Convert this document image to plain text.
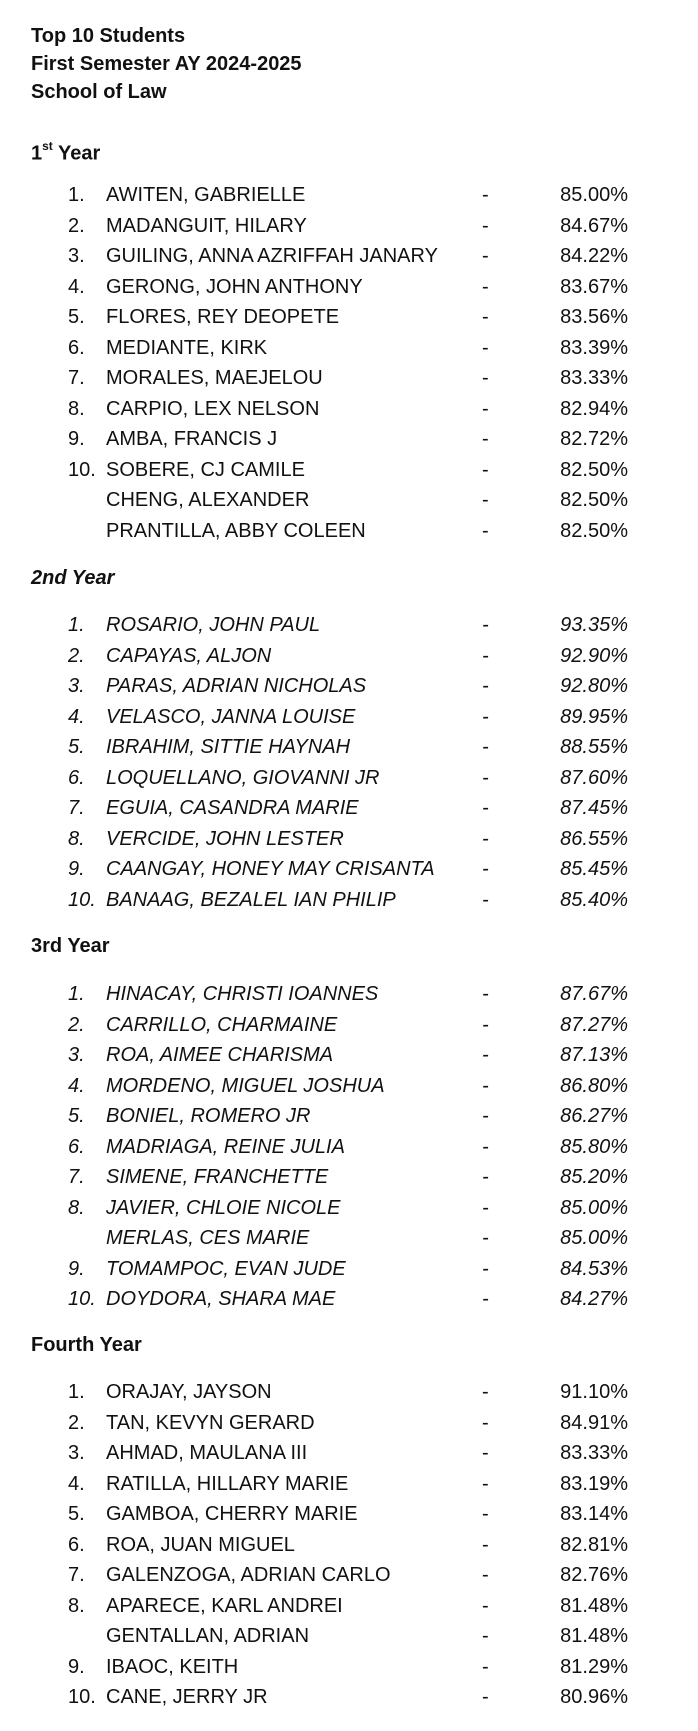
Top 10 Students
First Semester AY 2024-2025
School of Law
1st Year
1. AWITEN, GABRIELLE	-	85.00%
2. MADANGUIT, HILARY	-	84.67%
3. GUILING, ANNA AZRIFFAH JANARY -	84.22%
4. GERONG, JOHN ANTHONY	-	83.67%
5. FLORES, REY DEOPETE	-	83.56%
6. MEDIANTE, KIRK	-	83.39%
7. MORALES, MAEJELOU	-	83.33%
8. CARPIO, LEX NELSON	-	82.94%
9. AMBA, FRANCIS J	-	82.72%
10. SOBERE, CJ CAMILE	-	82.50%
CHENG, ALEXANDER	-	82.50%
PRANTILLA, ABBY COLEEN	-	82.50%
2nd Year
1. ROSARIO, JOHN PAUL	-	93.35%
2. CAPAYAS, ALJON	-	92.90%
3. PARAS, ADRIAN NICHOLAS	-	92.80%
4. VELASCO, JANNA LOUISE	-	89.95%
5. IBRAHIM, SITTIE HAYNAH	-	88.55%
6. LOQUELLANO, GIOVANNI JR	-	87.60%
7. EGUIA, CASANDRA MARIE	-	87.45%
8. VERCIDE, JOHN LESTER	-	86.55%
9. CAANGAY, HONEY MAY CRISANTA -	85.45%
10. BANAAG, BEZALEL IAN PHILIP	-	85.40%
3rd Year
1. HINACAY, CHRISTI IOANNES	-	87.67%
2. CARRILLO, CHARMAINE	-	87.27%
3. ROA, AIMEE CHARISMA	-	87.13%
4. MORDENO, MIGUEL JOSHUA	-	86.80%
5. BONIEL, ROMERO JR	-	86.27%
6. MADRIAGA, REINE JULIA	-	85.80%
7. SIMENE, FRANCHETTE	-	85.20%
8. JAVIER, CHLOIE NICOLE	-	85.00%
MERLAS, CES MARIE	-	85.00%
9. TOMAMPOC, EVAN JUDE	-	84.53%
10. DOYDORA, SHARA MAE	-	84.27%
Fourth Year
1. ORAJAY, JAYSON	-	91.10%
2. TAN, KEVYN GERARD	-	84.91%
3. AHMAD, MAULANA III	-	83.33%
4. RATILLA, HILLARY MARIE	-	83.19%
5. GAMBOA, CHERRY MARIE	-	83.14%
6. ROA, JUAN MIGUEL	-	82.81%
7. GALENZOGA, ADRIAN CARLO	-	82.76%
8. APARECE, KARL ANDREI	-	81.48%
GENTALLAN, ADRIAN	-	81.48%
9. IBAOC, KEITH	-	81.29%
10. CANE, JERRY JR	-	80.96%
